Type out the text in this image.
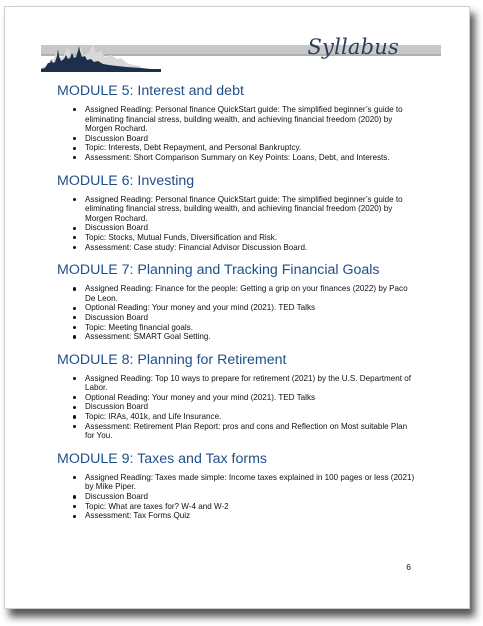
Syllabus
MODULE 5: Interest and debt
Assigned Reading: Personal finance QuickStart guide: The simplified beginner’s guide to eliminating financial stress, building wealth, and achieving financial freedom (2020) by Morgen Rochard.
Discussion Board
Topic: Interests, Debt Repayment, and Personal Bankruptcy.
Assessment: Short Comparison Summary on Key Points: Loans, Debt, and Interests.
MODULE 6: Investing
Assigned Reading: Personal finance QuickStart guide: The simplified beginner’s guide to eliminating financial stress, building wealth, and achieving financial freedom (2020) by Morgen Rochard.
Discussion Board
Topic: Stocks, Mutual Funds, Diversification and Risk.
Assessment: Case study: Financial Advisor Discussion Board.
MODULE 7: Planning and Tracking Financial Goals
Assigned Reading: Finance for the people: Getting a grip on your finances (2022) by Paco De Leon.
Optional Reading: Your money and your mind (2021). TED Talks
Discussion Board
Topic: Meeting financial goals.
Assessment: SMART Goal Setting.
MODULE 8: Planning for Retirement
Assigned Reading: Top 10 ways to prepare for retirement (2021) by the U.S. Department of Labor.
Optional Reading: Your money and your mind (2021). TED Talks
Discussion Board
Topic: IRAs, 401k, and Life Insurance.
Assessment: Retirement Plan Report: pros and cons and Reflection on Most suitable Plan for You.
MODULE 9: Taxes and Tax forms
Assigned Reading: Taxes made simple: Income taxes explained in 100 pages or less (2021) by Mike Piper.
Discussion Board
Topic: What are taxes for? W-4 and W-2
Assessment: Tax Forms Quiz
6
